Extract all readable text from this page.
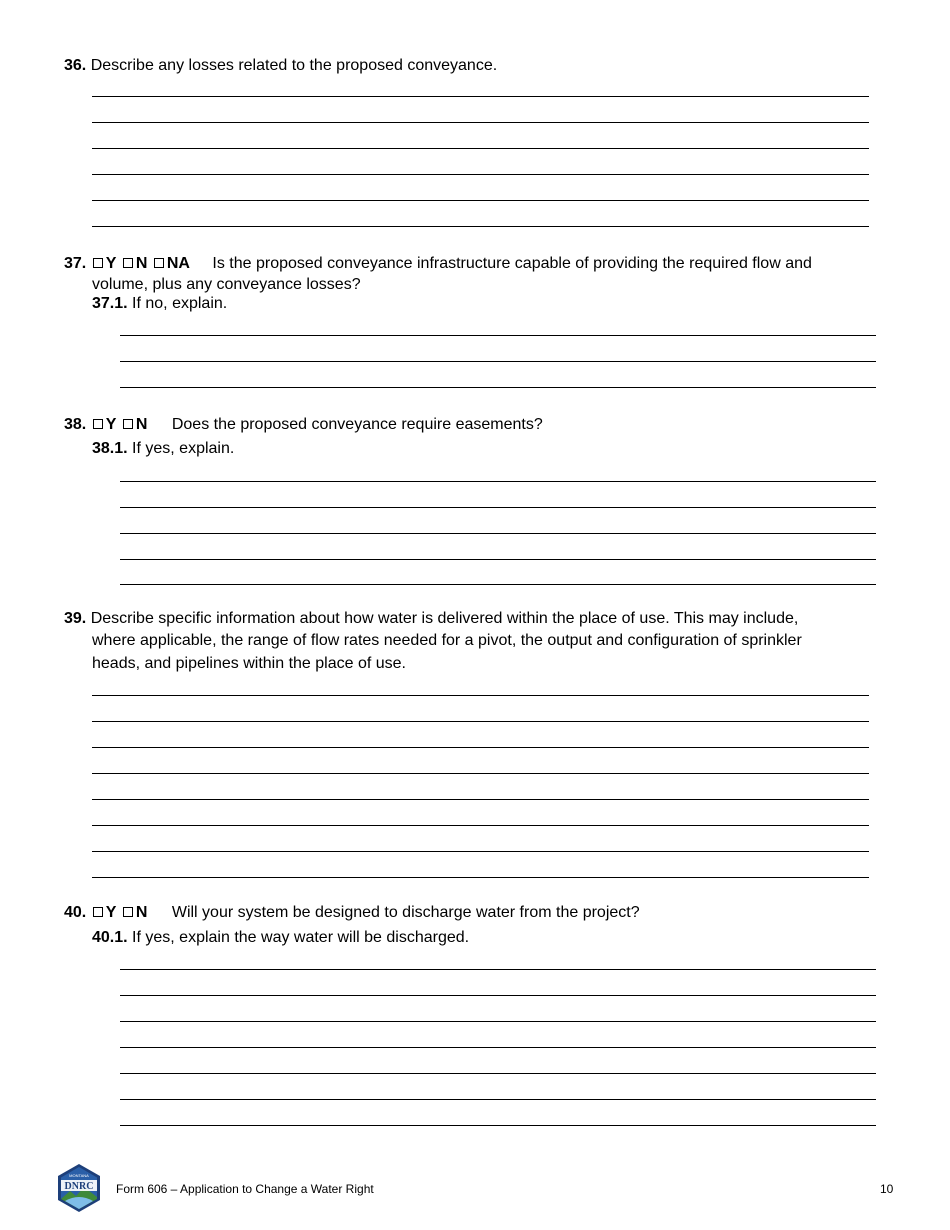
36. Describe any losses related to the proposed conveyance.
37. Y N NA Is the proposed conveyance infrastructure capable of providing the required flow and
volume, plus any conveyance losses?
37.1. If no, explain.
38. Y N Does the proposed conveyance require easements?
38.1. If yes, explain.
39. Describe specific information about how water is delivered within the place of use. This may include,
where applicable, the range of flow rates needed for a pivot, the output and configuration of sprinkler
heads, and pipelines within the place of use.
40. Y N Will your system be designed to discharge water from the project?
40.1. If yes, explain the way water will be discharged.
DNRC
MONTANA
Form 606 – Application to Change a Water Right	10
